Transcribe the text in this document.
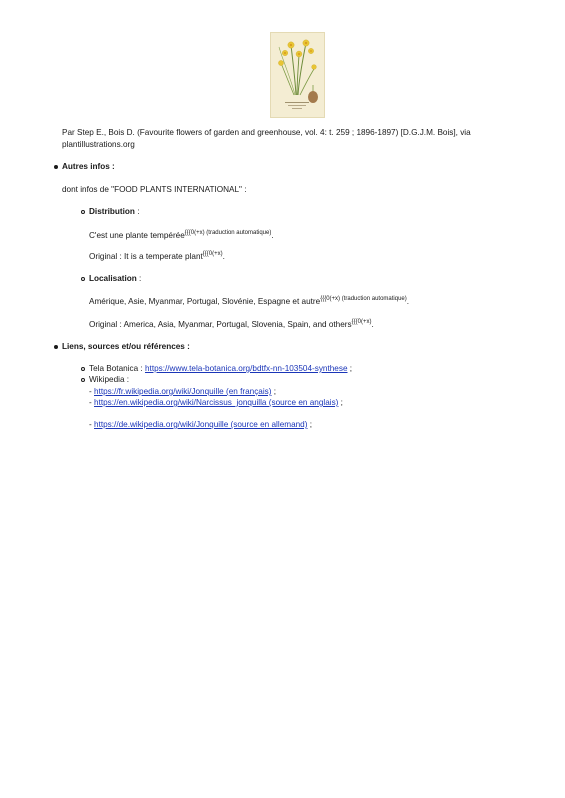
Par Step E., Bois D. (Favourite flowers of garden and greenhouse, vol. 4: t. 259 ; 1896-1897) [D.G.J.M. Bois], via
plantillustrations.org
Autres infos :
dont infos de "FOOD PLANTS INTERNATIONAL" :
Distribution :
C'est une plante tempérée$^{\{\{\{0(+x) (traduction automatique)}$.
Original : It is a temperate plant$^{\{\{\{0(+x)}$.
Localisation :
Amérique, Asie, Myanmar, Portugal, Slovénie, Espagne et autre$^{\{\{\{0(+x) (traduction automatique)}$.
Original : America, Asia, Myanmar, Portugal, Slovenia, Spain, and others$^{\{\{\{0(+x)}$.
Liens, sources et/ou références :
Tela Botanica : https://www.tela-botanica.org/bdtfx-nn-103504-synthese ;
Wikipedia :
- https://fr.wikipedia.org/wiki/Jonquille (en français) ;
- https://en.wikipedia.org/wiki/Narcissus_jonquilla (source en anglais) ;
- https://de.wikipedia.org/wiki/Jonquille (source en allemand) ;
